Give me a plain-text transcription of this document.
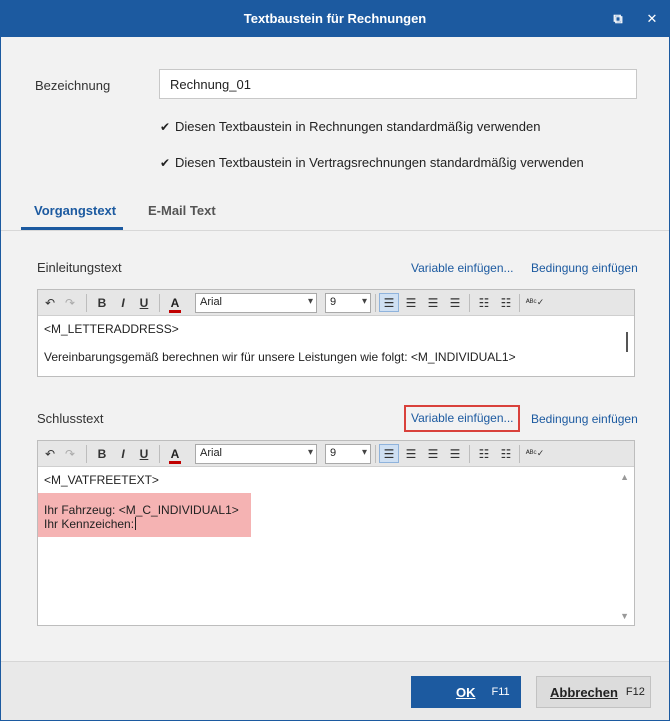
Textbaustein für Rechnungen	⧉	✕
Bezeichnung	Rechnung_01
✔ Diesen Textbaustein in Rechnungen standardmäßig verwenden
✔ Diesen Textbaustein in Vertragsrechnungen standardmäßig verwenden
Vorgangstext E-Mail Text
Einleitungstext	Variable einfügen... Bedingung einfügen
↶ ↷	B	I	U	A	Arial	▾	9	▾	☰ ☰ ☰ ☰	☷ ☷	ᴬᴮᶜ✓
<M_LETTERADDRESS>
Vereinbarungsgemäß berechnen wir für unsere Leistungen wie folgt: <M_INDIVIDUAL1>
Schlusstext	Variable einfügen... Bedingung einfügen
↶ ↷	B	I	U	A	Arial	▾	9	▾	☰ ☰ ☰ ☰	☷ ☷	ᴬᴮᶜ✓
<M_VATFREETEXT>
Ihr Fahrzeug: <M_C_INDIVIDUAL1>
Ihr Kennzeichen:
▲
▼
OK F11	Abbrechen F12
